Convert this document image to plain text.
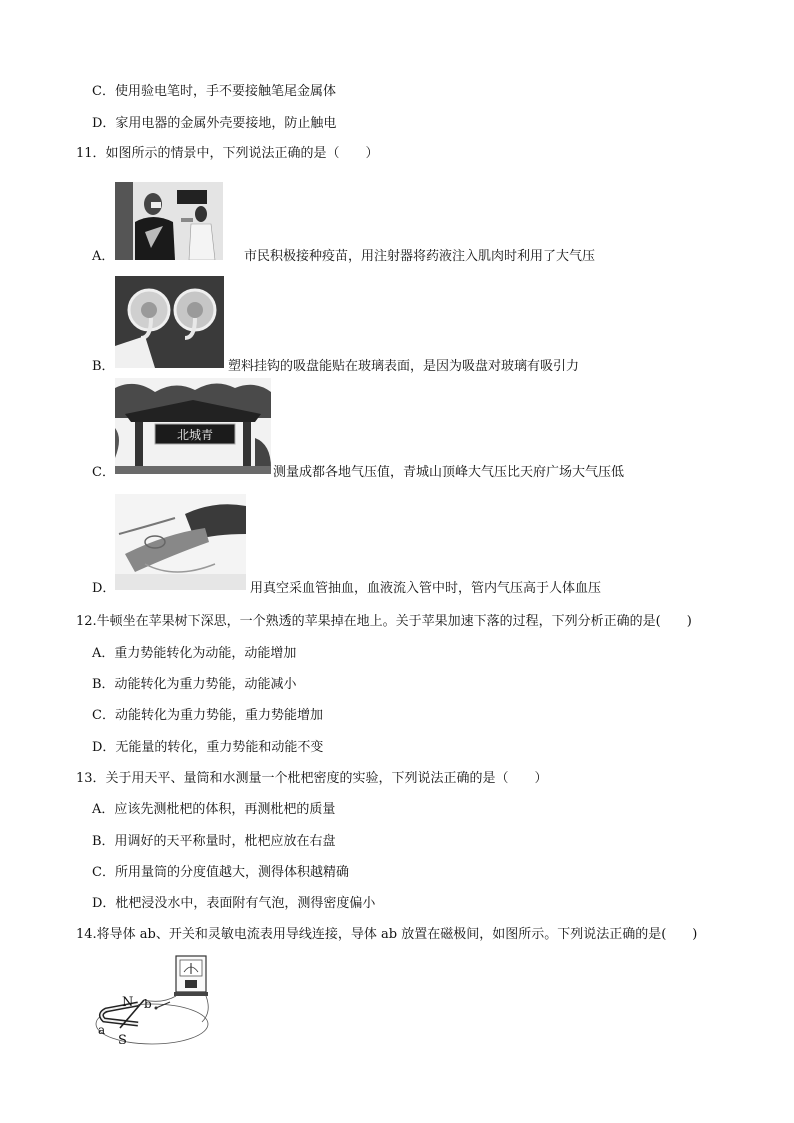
C．使用验电笔时，手不要接触笔尾金属体
D．家用电器的金属外壳要接地，防止触电
11．如图所示的情景中，下列说法正确的是（　　）
A．	市民积极接种疫苗，用注射器将药液注入肌肉时利用了大气压
B．	塑料挂钩的吸盘能贴在玻璃表面，是因为吸盘对玻璃有吸引力
北城青
C．	测量成都各地气压值，青城山顶峰大气压比天府广场大气压低
D．	用真空采血管抽血，血液流入管中时，管内气压高于人体血压
12.牛顿坐在苹果树下深思，一个熟透的苹果掉在地上。关于苹果加速下落的过程，下列分析正确的是(　　)
A．重力势能转化为动能，动能增加
B．动能转化为重力势能，动能减小
C．动能转化为重力势能，重力势能增加
D．无能量的转化，重力势能和动能不变
13．关于用天平、量筒和水测量一个枇杷密度的实验，下列说法正确的是（　　）
A．应该先测枇杷的体积，再测枇杷的质量
B．用调好的天平称量时，枇杷应放在右盘
C．所用量筒的分度值越大，测得体积越精确
D．枇杷浸没水中，表面附有气泡，测得密度偏小
14.将导体 ab、开关和灵敏电流表用导线连接，导体 ab 放置在磁极间，如图所示。下列说法正确的是(　　)
N
S
a
b
